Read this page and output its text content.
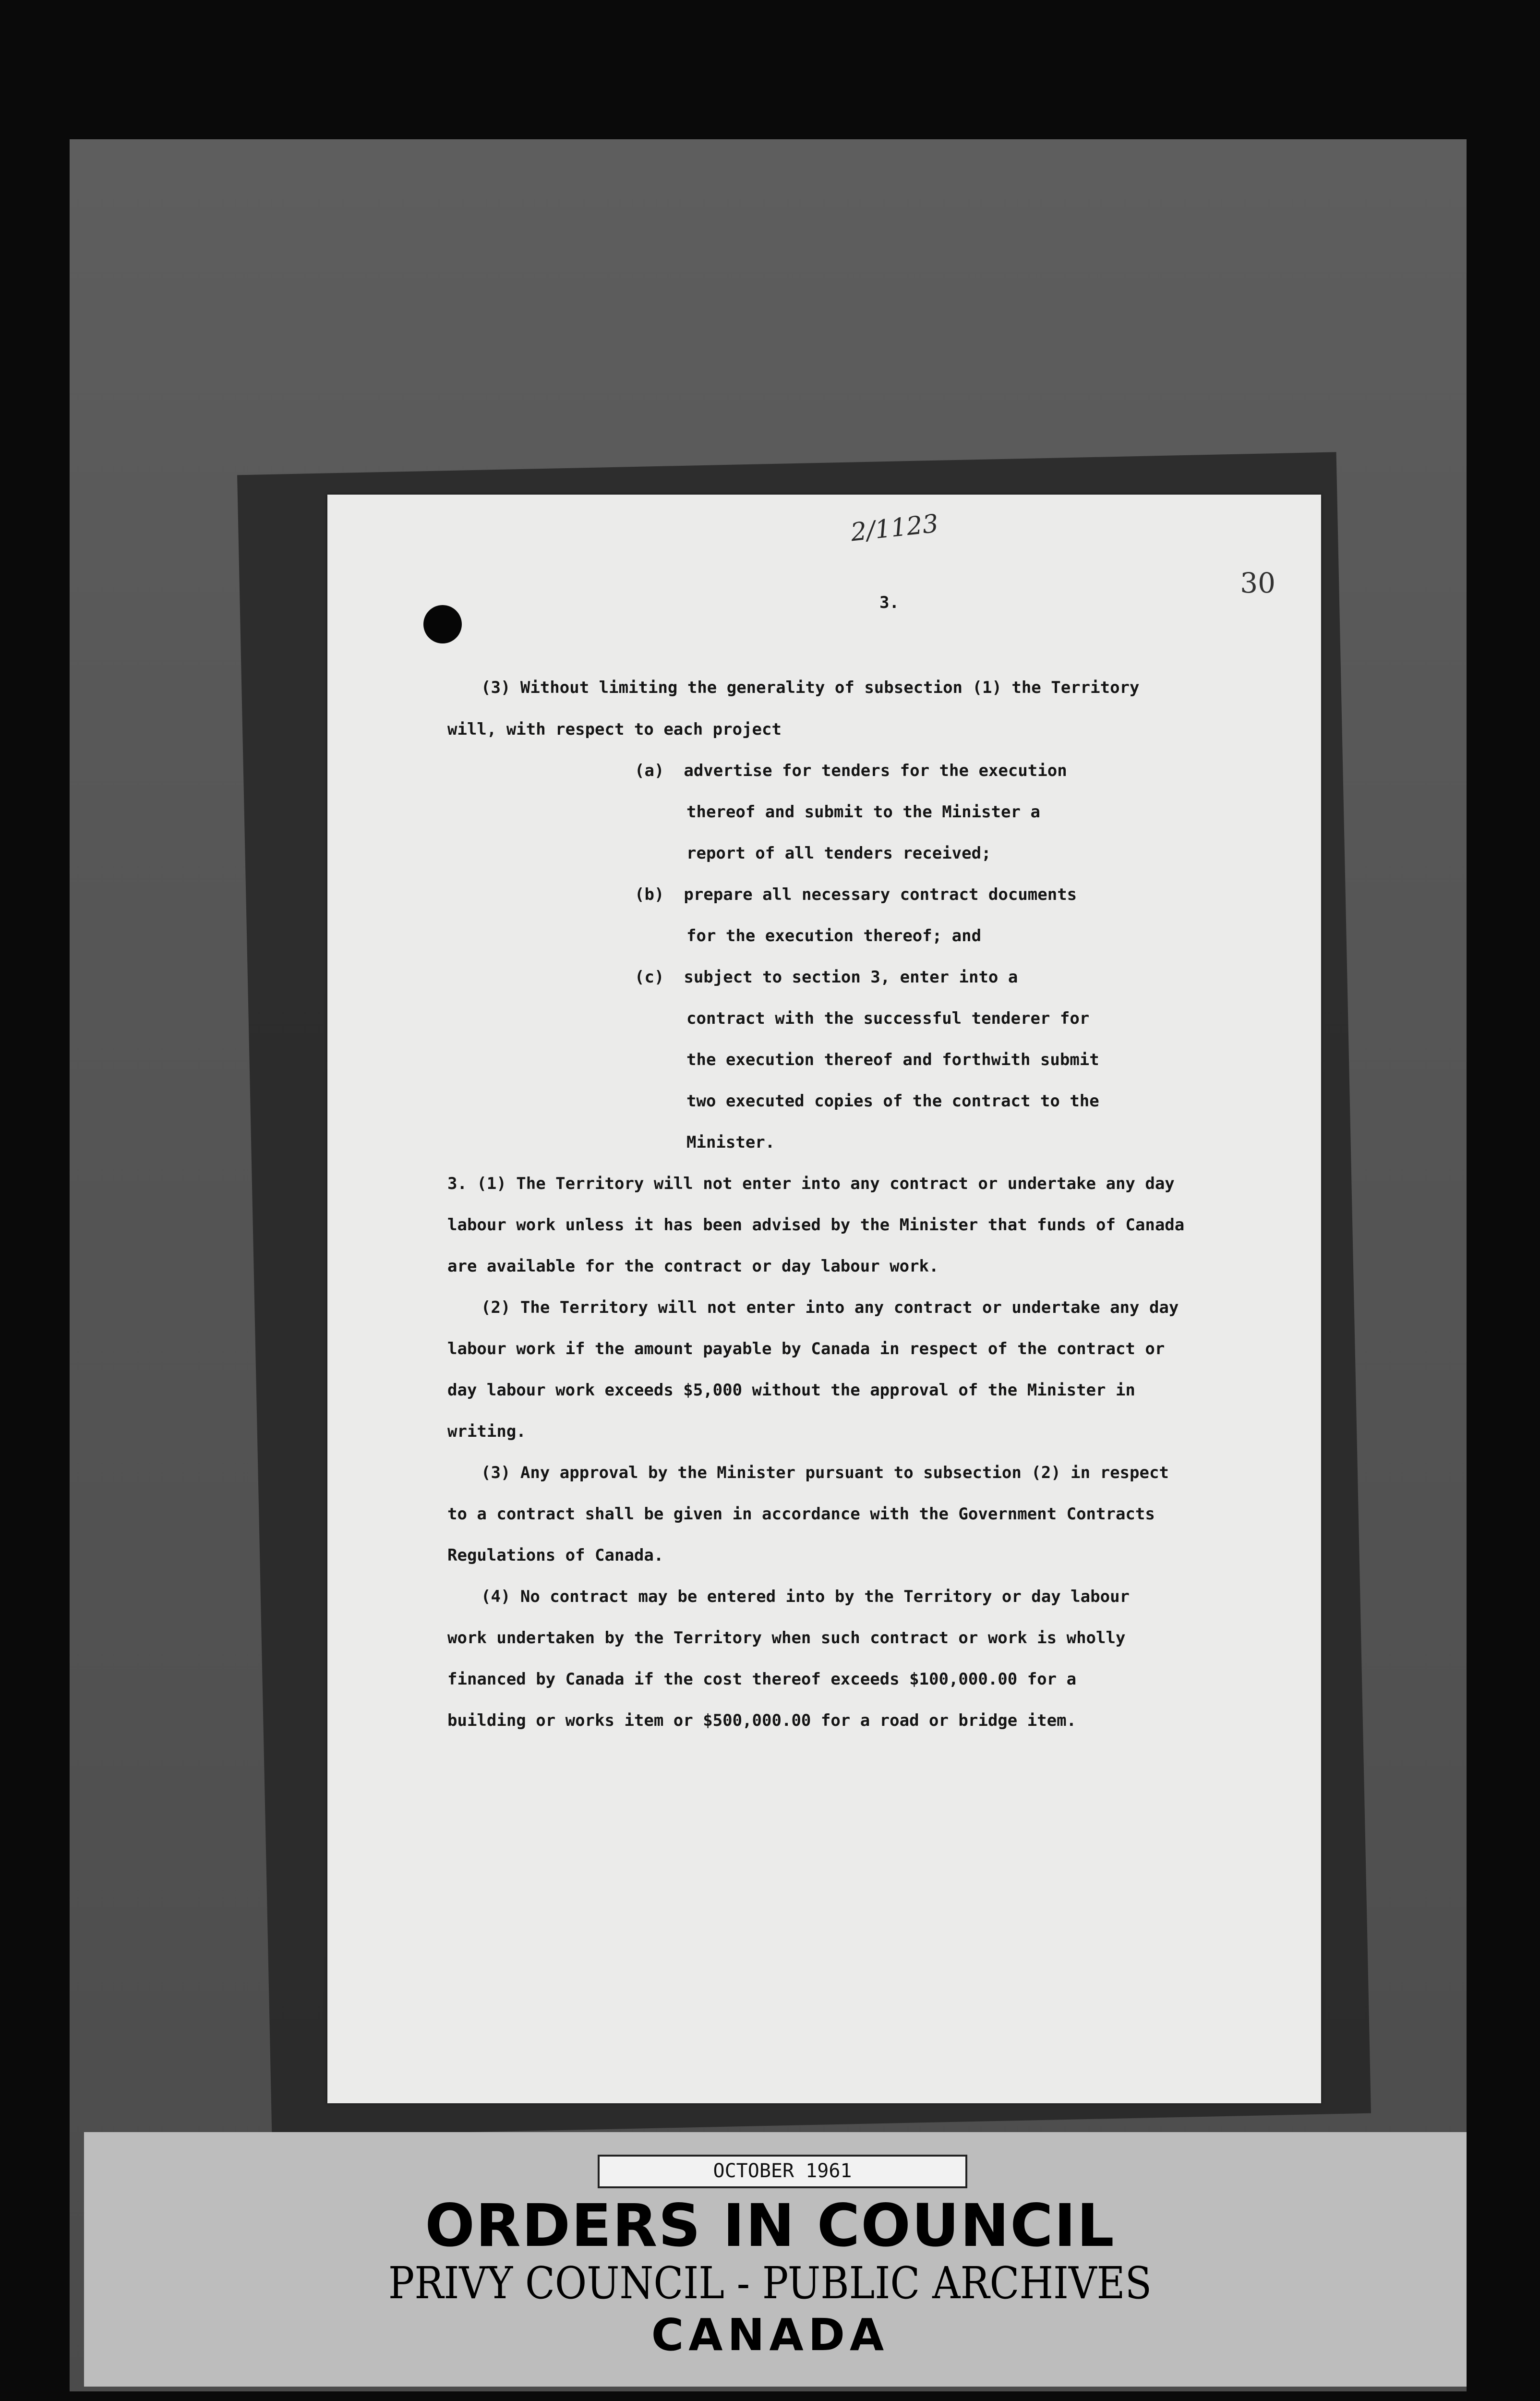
2/1123
30
3.
(3) Without limiting the generality of subsection (1) the Territory
will, with respect to each project
(a)  advertise for tenders for the execution
thereof and submit to the Minister a
report of all tenders received;
(b)  prepare all necessary contract documents
for the execution thereof; and
(c)  subject to section 3, enter into a
contract with the successful tenderer for
the execution thereof and forthwith submit
two executed copies of the contract to the
Minister.
3. (1) The Territory will not enter into any contract or undertake any day
labour work unless it has been advised by the Minister that funds of Canada
are available for the contract or day labour work.
(2) The Territory will not enter into any contract or undertake any day
labour work if the amount payable by Canada in respect of the contract or
day labour work exceeds $5,000 without the approval of the Minister in
writing.
(3) Any approval by the Minister pursuant to subsection (2) in respect
to a contract shall be given in accordance with the Government Contracts
Regulations of Canada.
(4) No contract may be entered into by the Territory or day labour
work undertaken by the Territory when such contract or work is wholly
financed by Canada if the cost thereof exceeds $100,000.00 for a
building or works item or $500,000.00 for a road or bridge item.
OCTOBER 1961
ORDERS IN COUNCIL
PRIVY COUNCIL - PUBLIC ARCHIVES
CANADA
